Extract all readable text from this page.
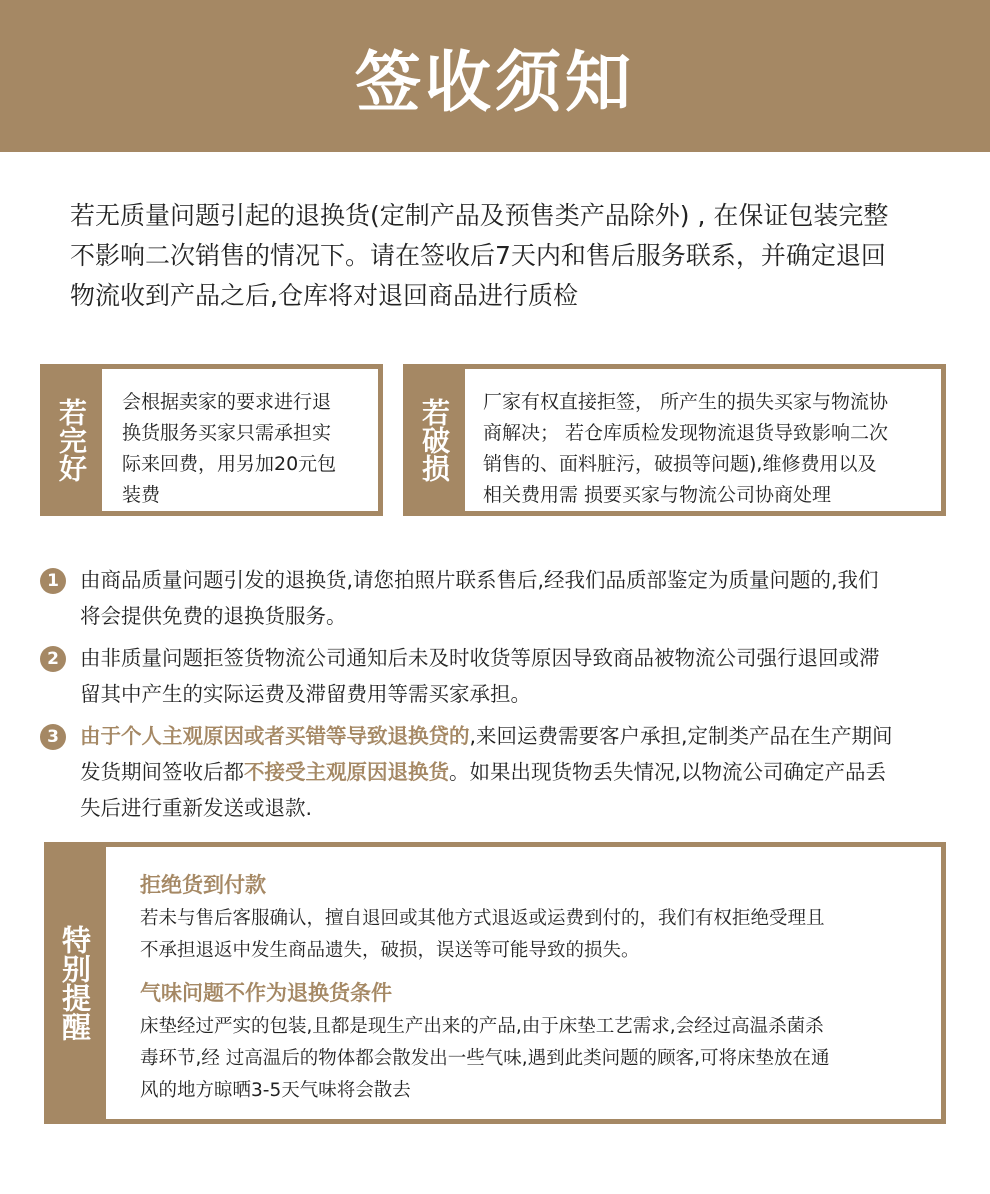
签收须知
若无质量问题引起的退换货(定制产品及预售类产品除外) , 在保证包装完整
不影响二次销售的情况下。请在签收后7天内和售后服务联系，并确定退回
物流收到产品之后,仓库将对退回商品进行质检
若完好 会根据卖家的要求进行退
换货服务买家只需承担实
际来回费，用另加20元包
装费
若破损 厂家有权直接拒签， 所产生的损失买家与物流协
商解决； 若仓库质检发现物流退货导致影响二次
销售的、面料脏污，破损等问题),维修费用以及
相关费用需 损要买家与物流公司协商处理
1	由商品质量问题引发的退换货,请您拍照片联系售后,经我们品质部鉴定为质量问题的,我们
将会提供免费的退换货服务。
2	由非质量问题拒签货物流公司通知后未及时收货等原因导致商品被物流公司强行退回或滞
留其中产生的实际运费及滞留费用等需买家承担。
3	由于个人主观原因或者买错等导致退换贷的,来回运费需要客户承担,定制类产品在生产期间
发货期间签收后都不接受主观原因退换货。如果出现货物丢失情况,以物流公司确定产品丢
失后进行重新发送或退款.
特别提醒
拒绝货到付款
若未与售后客服确认，擅自退回或其他方式退返或运费到付的，我们有权拒绝受理且
不承担退返中发生商品遗失，破损，误送等可能导致的损失。
气味问题不作为退换货条件
床垫经过严实的包装,且都是现生产出来的产品,由于床垫工艺需求,会经过高温杀菌杀
毒环节,经 过高温后的物体都会散发出一些气味,遇到此类问题的顾客,可将床垫放在通
风的地方晾晒3-5天气味将会散去
